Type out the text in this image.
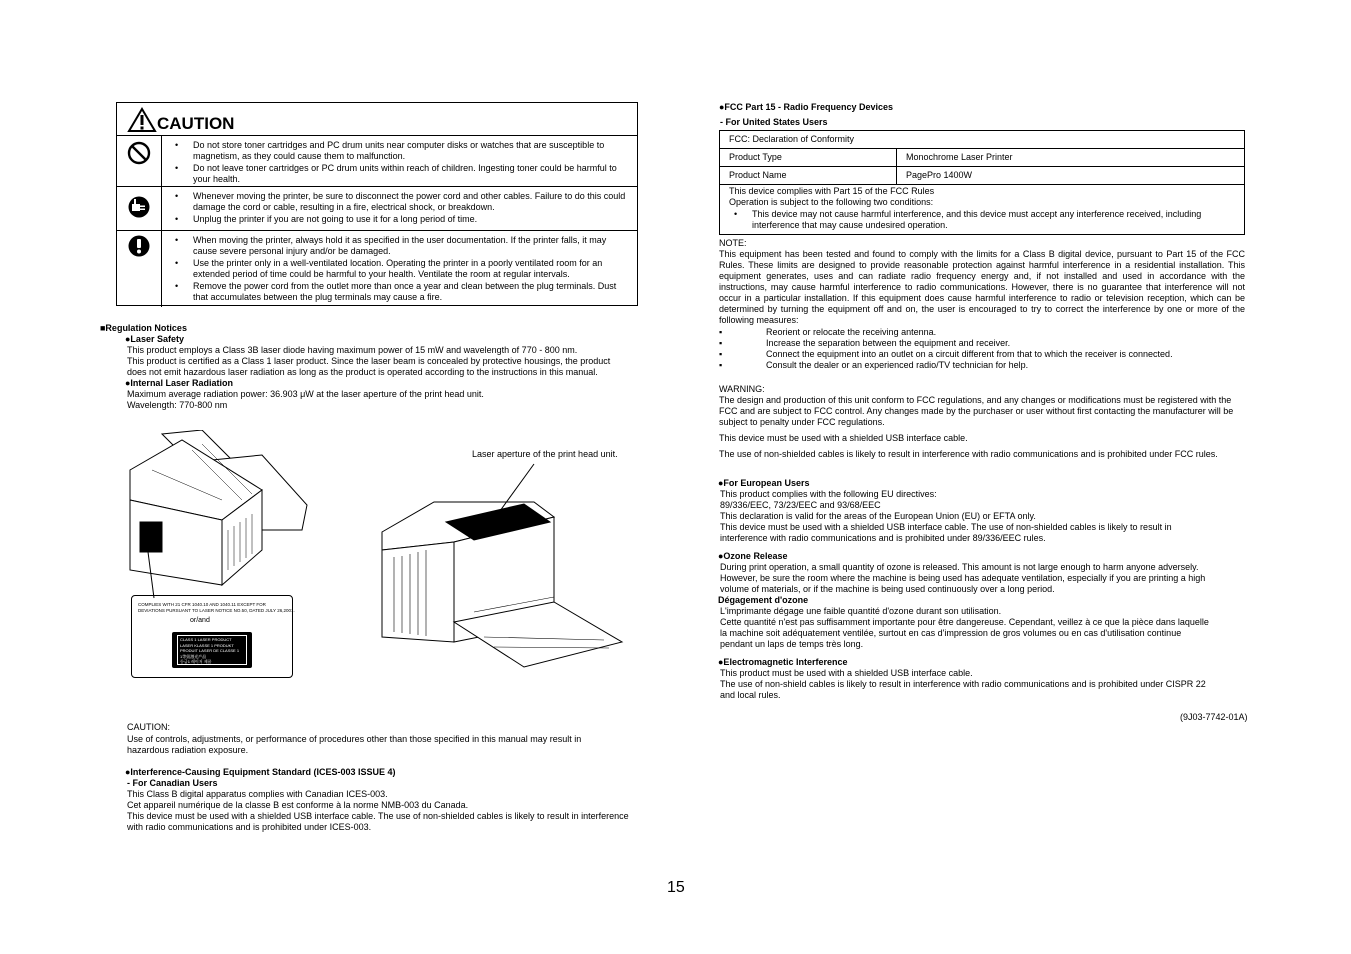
CAUTION
• Do not store toner cartridges and PC drum units near computer disks or watches that are susceptible to magnetism, as they could cause them to malfunction.
• Do not leave toner cartridges or PC drum units within reach of children. Ingesting toner could be harmful to your health.
• Whenever moving the printer, be sure to disconnect the power cord and other cables. Failure to do this could damage the cord or cable, resulting in a fire, electrical shock, or breakdown.
• Unplug the printer if you are not going to use it for a long period of time.
• When moving the printer, always hold it as specified in the user documentation. If the printer falls, it may cause severe personal injury and/or be damaged.
• Use the printer only in a well-ventilated location. Operating the printer in a poorly ventilated room for an extended period of time could be harmful to your health. Ventilate the room at regular intervals.
• Remove the power cord from the outlet more than once a year and clean between the plug terminals. Dust that accumulates between the plug terminals may cause a fire.
■Regulation Notices
●Laser Safety
This product employs a Class 3B laser diode having maximum power of 15 mW and wavelength of 770 - 800 nm.
This product is certified as a Class 1 laser product. Since the laser beam is concealed by protective housings, the product
does not emit hazardous laser radiation as long as the product is operated according to the instructions in this manual.
●Internal Laser Radiation
Maximum average radiation power: 36.903 μW at the laser aperture of the print head unit.
Wavelength: 770-800 nm
COMPLIES WITH 21 CFR 1040.10 AND 1040.11 EXCEPT FOR
DEVIATIONS PURSUANT TO LASER NOTICE NO.50, DATED JULY 26,2001.
or/and
CLASS 1 LASER PRODUCT
LASER KLASSE 1 PRODUKT
PRODUIT LASER DE CLASSE 1
1等級激光产品
등급1 레이저 제품
Laser aperture of the print head unit.
CAUTION:
Use of controls, adjustments, or performance of procedures other than those specified in this manual may result in
hazardous radiation exposure.
●Interference-Causing Equipment Standard (ICES-003 ISSUE 4)
- For Canadian Users
This Class B digital apparatus complies with Canadian ICES-003.
Cet appareil numérique de la classe B est conforme à la norme NMB-003 du Canada.
This device must be used with a shielded USB interface cable. The use of non-shielded cables is likely to result in interference
with radio communications and is prohibited under ICES-003.
●FCC Part 15 - Radio Frequency Devices
- For United States Users
FCC: Declaration of Conformity
Product Type	Monochrome Laser Printer
Product Name	PagePro 1400W
This device complies with Part 15 of the FCC Rules
Operation is subject to the following two conditions:
• This device may not cause harmful interference, and this device must accept any interference received, including interference that may cause undesired operation.
NOTE:
This equipment has been tested and found to comply with the limits for a Class B digital device, pursuant to Part 15 of the FCC Rules. These limits are designed to provide reasonable protection against harmful interference in a residential installation. This equipment generates, uses and can radiate radio frequency energy and, if not installed and used in accordance with the instructions, may cause harmful interference to radio communications. However, there is no guarantee that interference will not occur in a particular installation. If this equipment does cause harmful interference to radio or television reception, which can be determined by turning the equipment off and on, the user is encouraged to try to correct the interference by one or more of the following measures:
▪	Reorient or relocate the receiving antenna.
▪	Increase the separation between the equipment and receiver.
▪	Connect the equipment into an outlet on a circuit different from that to which the receiver is connected.
▪	Consult the dealer or an experienced radio/TV technician for help.
WARNING:
The design and production of this unit conform to FCC regulations, and any changes or modifications must be registered with the FCC and are subject to FCC control. Any changes made by the purchaser or user without first contacting the manufacturer will be subject to penalty under FCC regulations.
This device must be used with a shielded USB interface cable.
The use of non-shielded cables is likely to result in interference with radio communications and is prohibited under FCC rules.
●For European Users
This product complies with the following EU directives:
89/336/EEC, 73/23/EEC and 93/68/EEC
This declaration is valid for the areas of the European Union (EU) or EFTA only.
This device must be used with a shielded USB interface cable. The use of non-shielded cables is likely to result in
interference with radio communications and is prohibited under 89/336/EEC rules.
●Ozone Release
During print operation, a small quantity of ozone is released. This amount is not large enough to harm anyone adversely.
However, be sure the room where the machine is being used has adequate ventilation, especially if you are printing a high
volume of materials, or if the machine is being used continuously over a long period.
Dégagement d'ozone
L'imprimante dégage une faible quantité d'ozone durant son utilisation.
Cette quantité n'est pas suffisamment importante pour être dangereuse. Cependant, veillez à ce que la pièce dans laquelle
la machine soit adéquatement ventilée, surtout en cas d'impression de gros volumes ou en cas d'utilisation continue
pendant un laps de temps très long.
●Electromagnetic Interference
This product must be used with a shielded USB interface cable.
The use of non-shield cables is likely to result in interference with radio communications and is prohibited under CISPR 22
and local rules.
(9J03-7742-01A)
15
